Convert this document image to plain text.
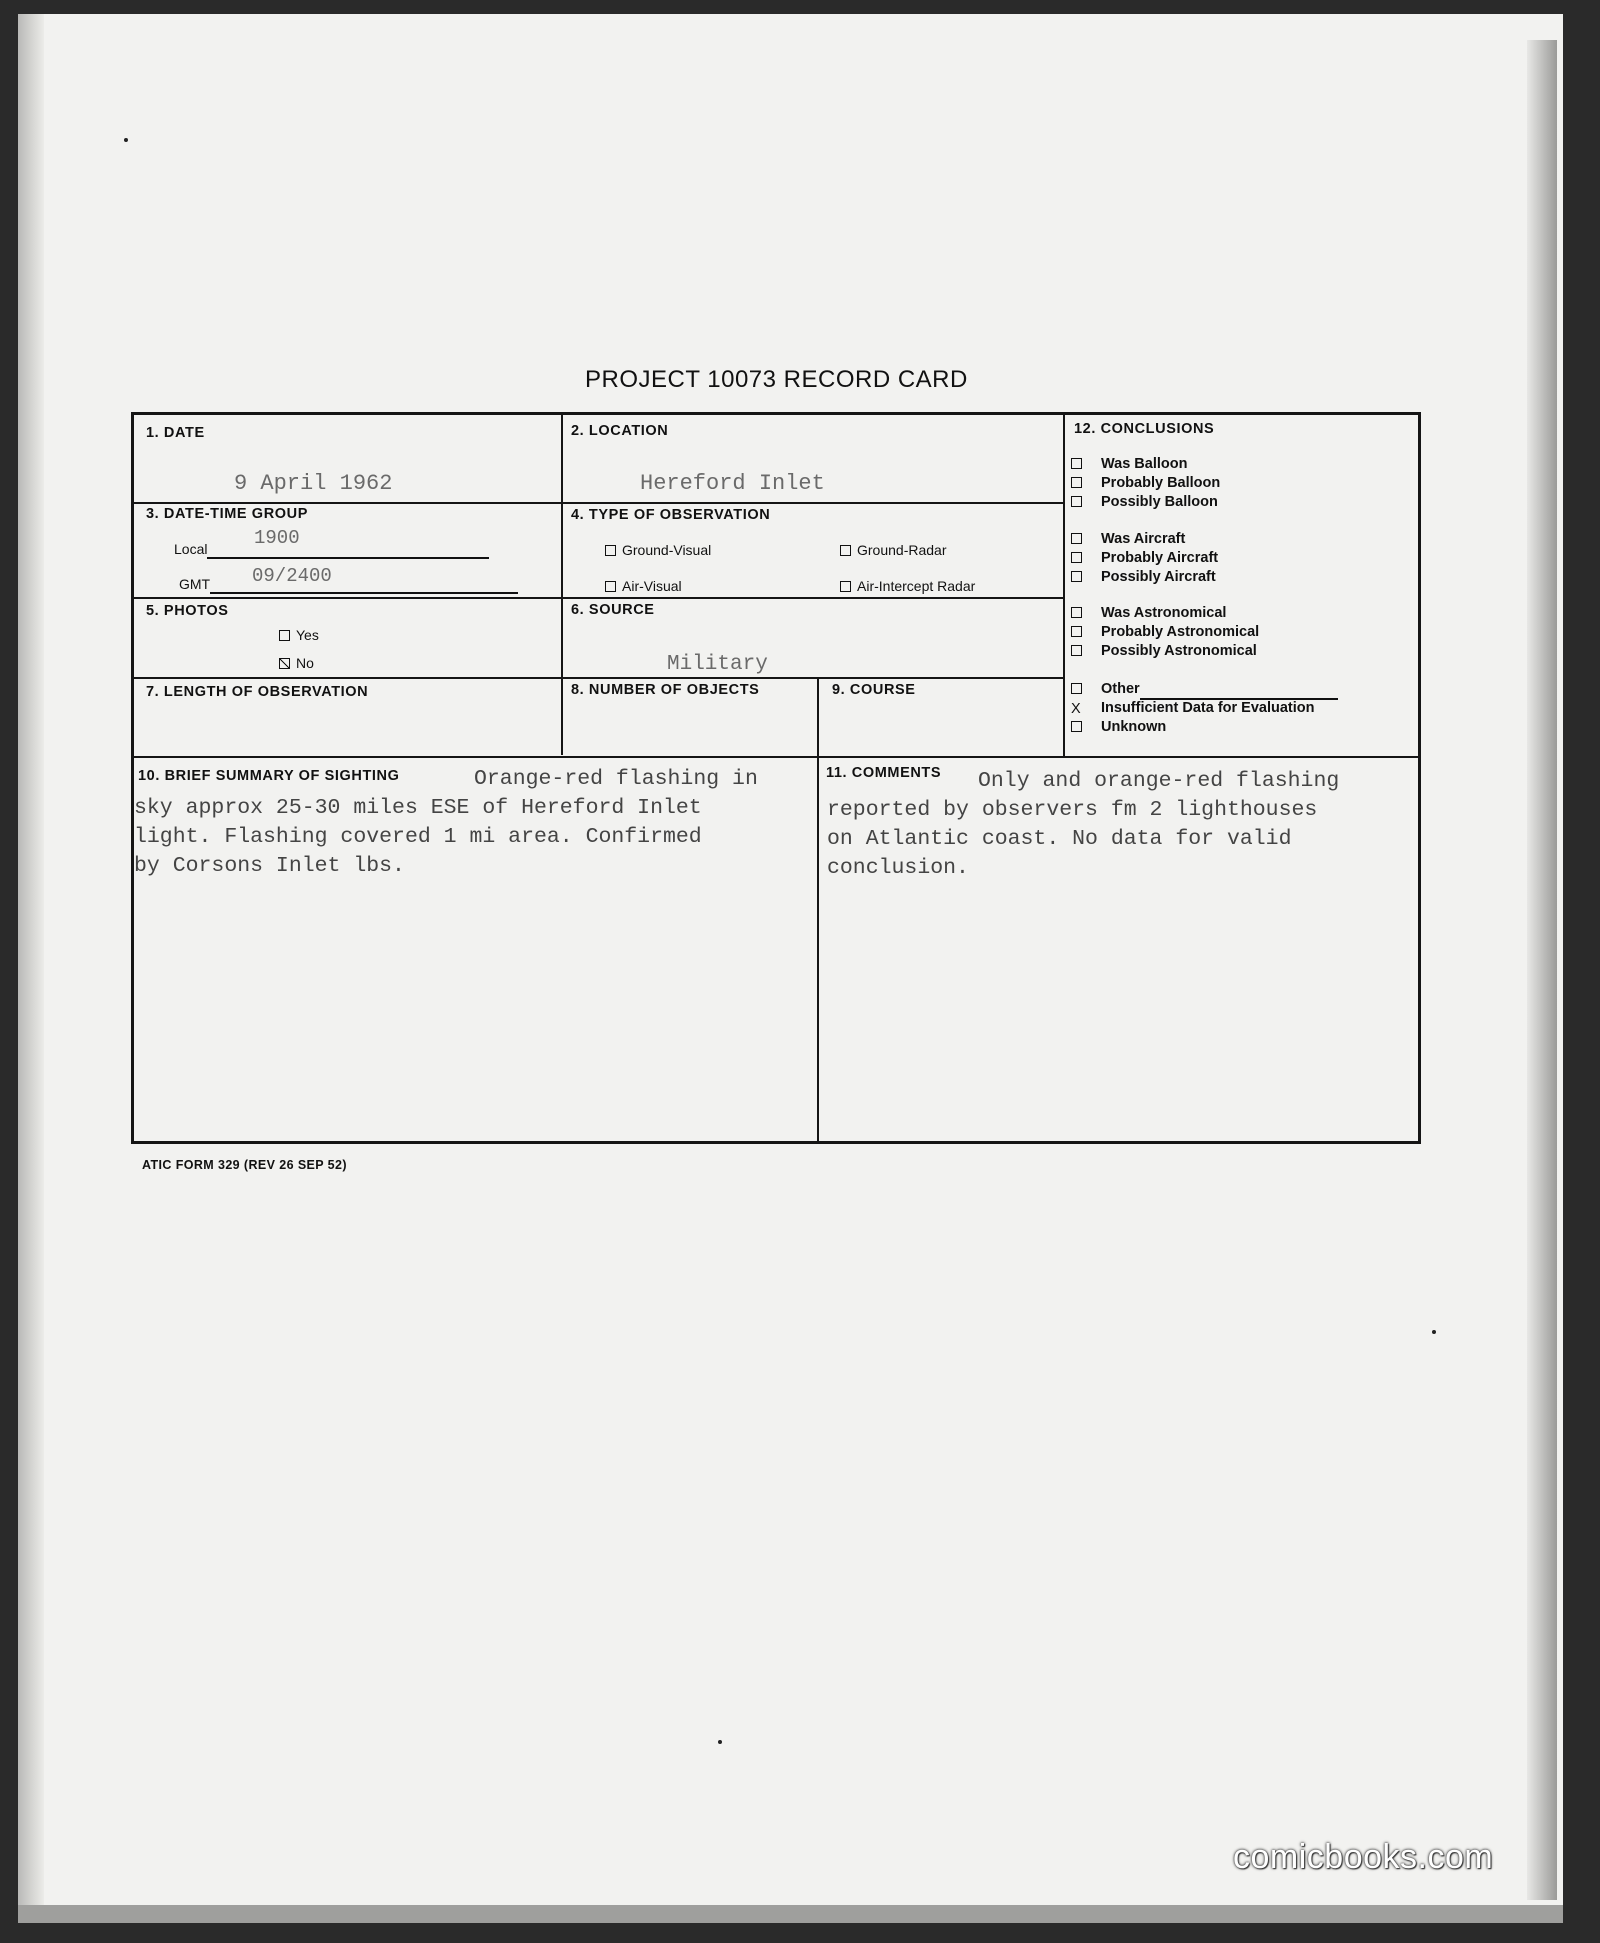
PROJECT 10073 RECORD CARD
1. DATE
9 April 1962
2. LOCATION
Hereford Inlet
3. DATE-TIME GROUP
Local	1900
GMT	09/2400
4. TYPE OF OBSERVATION
Ground-Visual	Ground-Radar
Air-Visual	Air-Intercept Radar
5. PHOTOS
Yes
No
6. SOURCE
Military
7. LENGTH OF OBSERVATION	8. NUMBER OF OBJECTS	9. COURSE
12. CONCLUSIONS
10. BRIEF SUMMARY OF SIGHTING	Orange-red flashing in
sky approx 25-30 miles ESE of Hereford Inlet
light. Flashing covered 1 mi area. Confirmed
by Corsons Inlet lbs.
11. COMMENTS Only and orange-red flashing
reported by observers fm 2 lighthouses
on Atlantic coast. No data for valid
conclusion.
Was Balloon
Probably Balloon
Possibly Balloon
Was Aircraft
Probably Aircraft
Possibly Aircraft
Was Astronomical
Probably Astronomical
Possibly Astronomical
Other
X Insufficient Data for Evaluation
Unknown
ATIC FORM 329 (REV 26 SEP 52)
comicbooks.com
